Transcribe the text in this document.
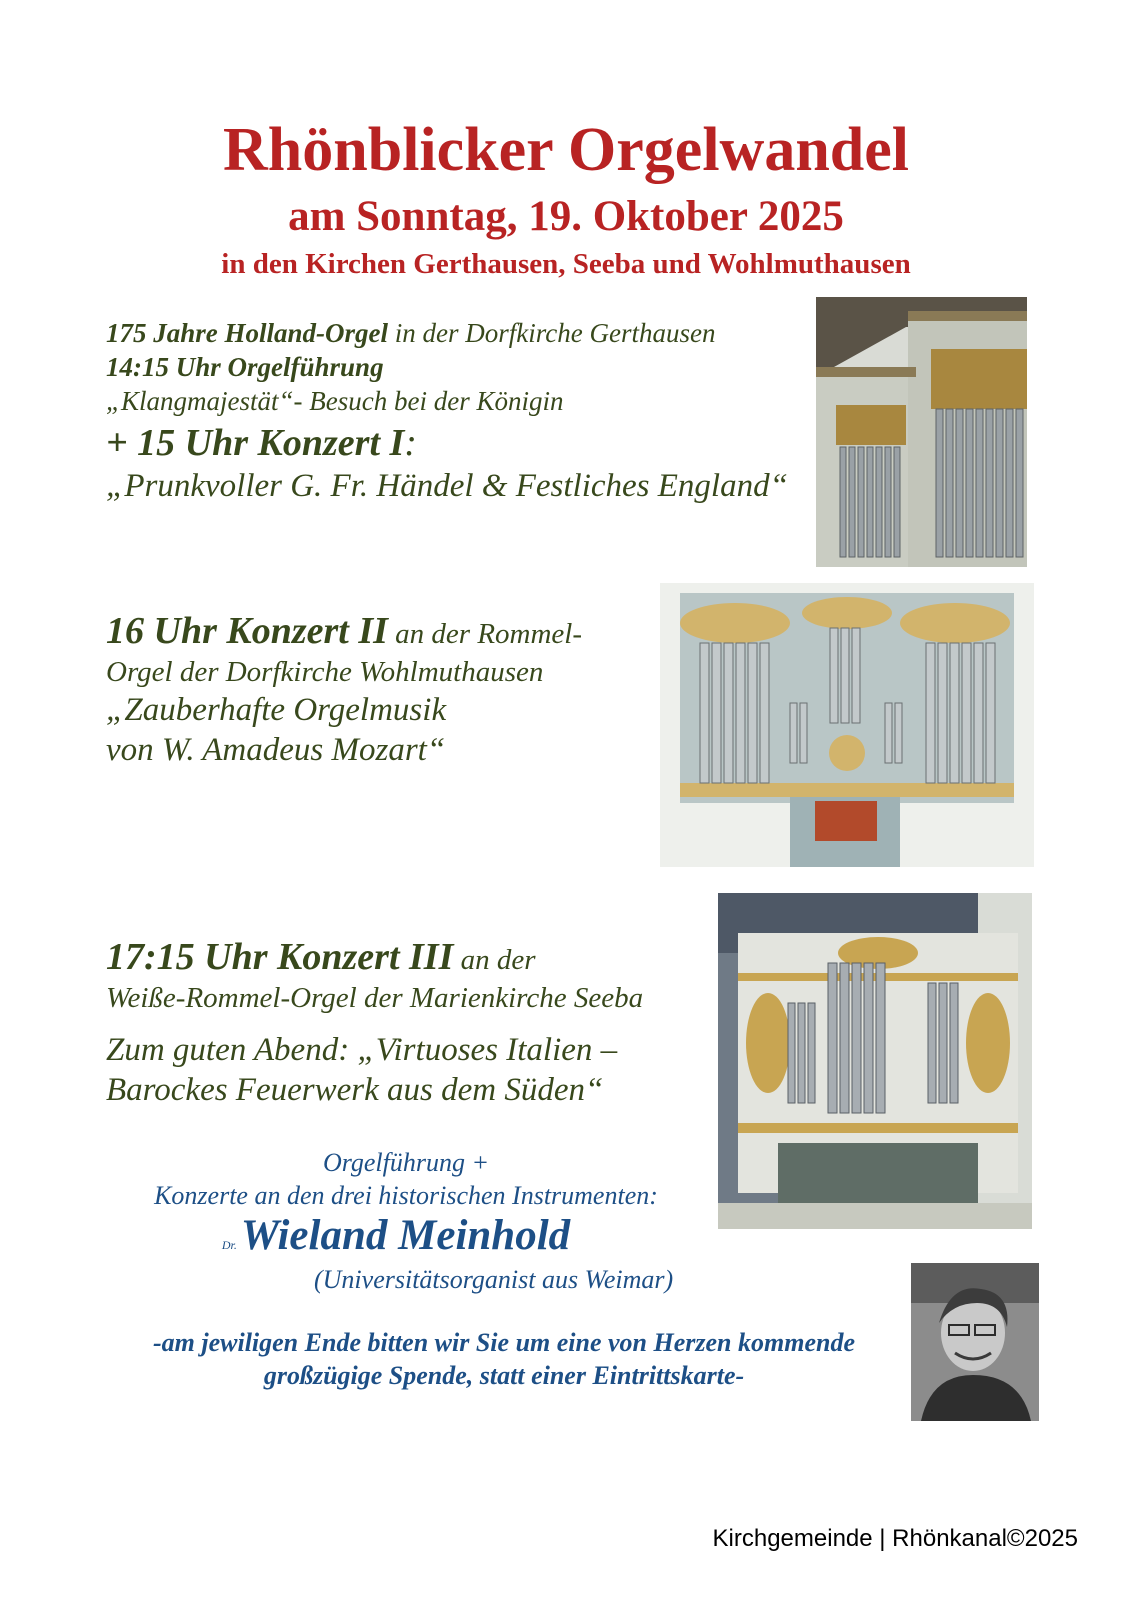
Rhönblicker Orgelwandel
am Sonntag, 19. Oktober 2025
in den Kirchen Gerthausen, Seeba und Wohlmuthausen
175 Jahre Holland-Orgel in der Dorfkirche Gerthausen
14:15 Uhr Orgelführung
„Klangmajestät“- Besuch bei der Königin
+ 15 Uhr Konzert I:
„Prunkvoller G. Fr. Händel & Festliches England“
16 Uhr Konzert II an der Rommel-
Orgel der Dorfkirche Wohlmuthausen
„Zauberhafte Orgelmusik
von W. Amadeus Mozart“
17:15 Uhr Konzert III an der
Weiße-Rommel-Orgel der Marienkirche Seeba
Zum guten Abend: „Virtuoses Italien –
Barockes Feuerwerk aus dem Süden“
Orgelführung +
Konzerte an den drei historischen Instrumenten:
Dr. Wieland Meinhold
(Universitätsorganist aus Weimar)
-am jewiligen Ende bitten wir Sie um eine von Herzen kommende
großzügige Spende, statt einer Eintrittskarte-
Kirchgemeinde | Rhönkanal©2025
